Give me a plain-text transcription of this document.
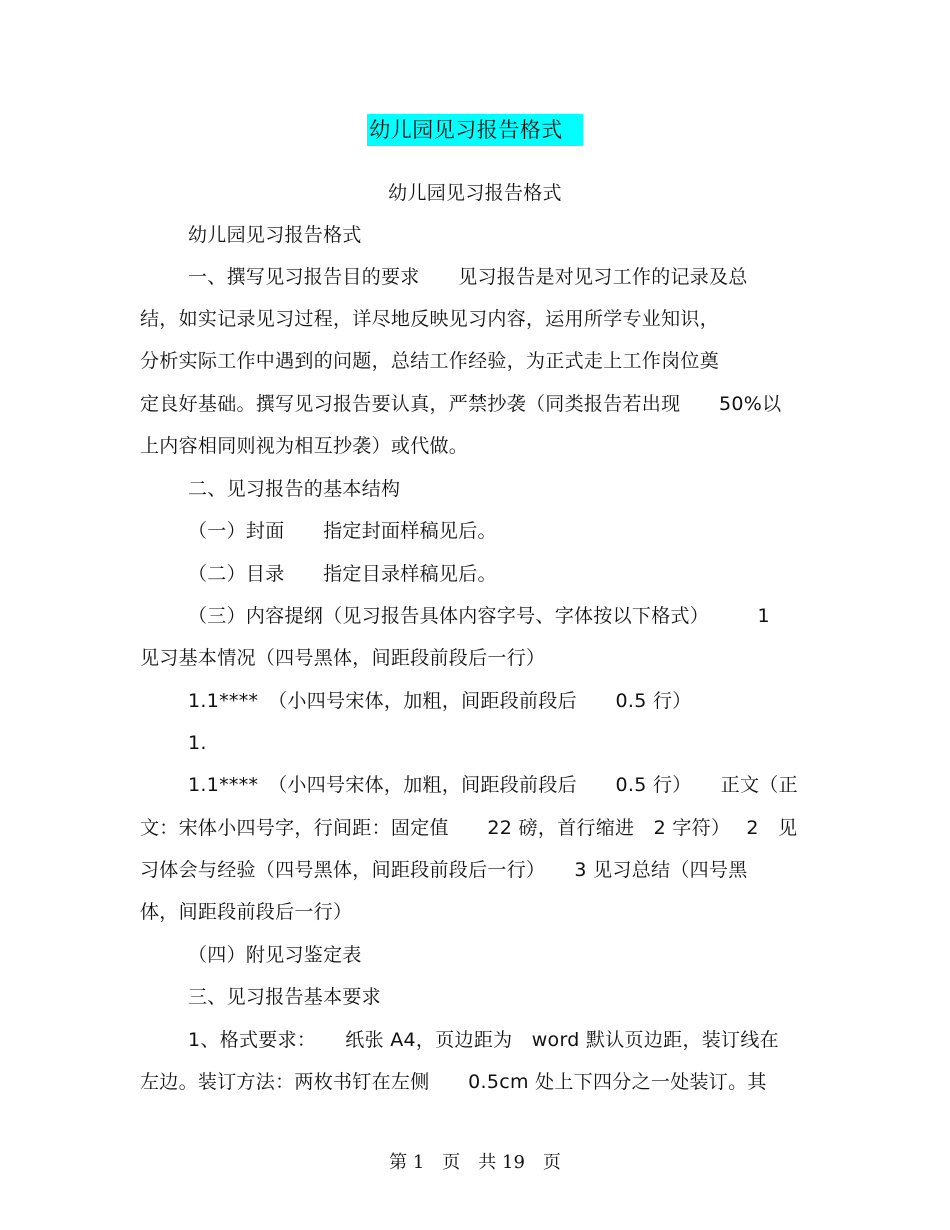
幼儿园见习报告格式
幼儿园见习报告格式
幼儿园见习报告格式
一、撰写见习报告目的要求　　见习报告是对见习工作的记录及总
结，如实记录见习过程，详尽地反映见习内容，运用所学专业知识，
分析实际工作中遇到的问题，总结工作经验，为正式走上工作岗位奠
定良好基础。撰写见习报告要认真，严禁抄袭（同类报告若出现　　50%以
上内容相同则视为相互抄袭）或代做。
二、见习报告的基本结构
（一）封面　　指定封面样稿见后。
（二）目录　　指定目录样稿见后。
（三）内容提纲（见习报告具体内容字号、字体按以下格式）　　　1
见习基本情况（四号黑体，间距段前段后一行）
1.1****　（小四号宋体，加粗，间距段前段后　　0.5 行）
1.
1.1****　（小四号宋体，加粗，间距段前段后　　0.5 行）　　正文（正
文：宋体小四号字，行间距：固定值　　22 磅，首行缩进　2 字符）　 2　见
习体会与经验（四号黑体，间距段前段后一行）　　3 见习总结（四号黑
体，间距段前段后一行）
（四）附见习鉴定表
三、见习报告基本要求
1、格式要求：　　纸张 A4，页边距为　word 默认页边距，装订线在
左边。装订方法：两枚书钉在左侧　　0.5cm 处上下四分之一处装订。其
第 1　页　共 19　页
